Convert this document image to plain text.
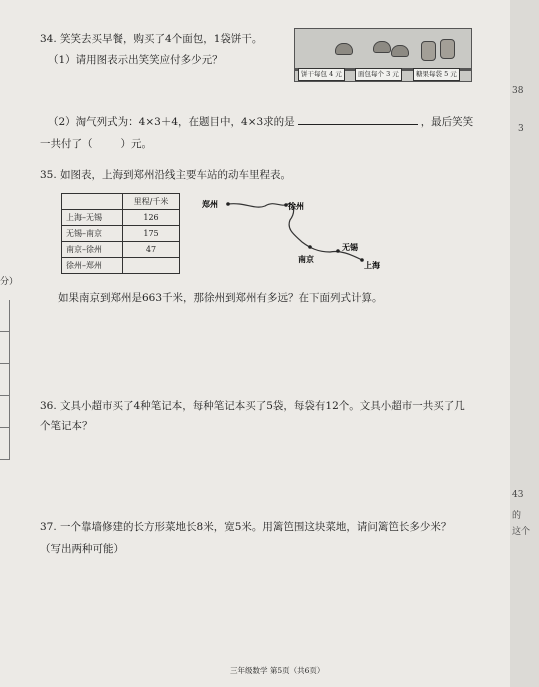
分）
34. 笑笑去买早餐，购买了4个面包，1袋饼干。
（1）请用图表示出笑笑应付多少元？
饼干每包 4 元	面包每个 3 元	糖果每袋 5 元
（2）淘气列式为：4×3＋4，在题目中，4×3求的是	，最后笑笑
一共付了（	）元。
35. 如图表，上海到郑州沿线主要车站的动车里程表。
	里程/千米
上海–无锡	126
无锡–南京	175
南京–徐州	47
徐州–郑州	
郑州	徐州
南京
无锡
上海
如果南京到郑州是663千米，那徐州到郑州有多远？在下面列式计算。
36. 文具小超市买了4种笔记本，每种笔记本买了5袋，每袋有12个。文具小超市一共买了几
个笔记本？
37. 一个靠墙修建的长方形菜地长8米，宽5米。用篱笆围这块菜地，请问篱笆长多少米？
（写出两种可能）
三年级数学 第5页（共6页）
38
3
43
的
这个
